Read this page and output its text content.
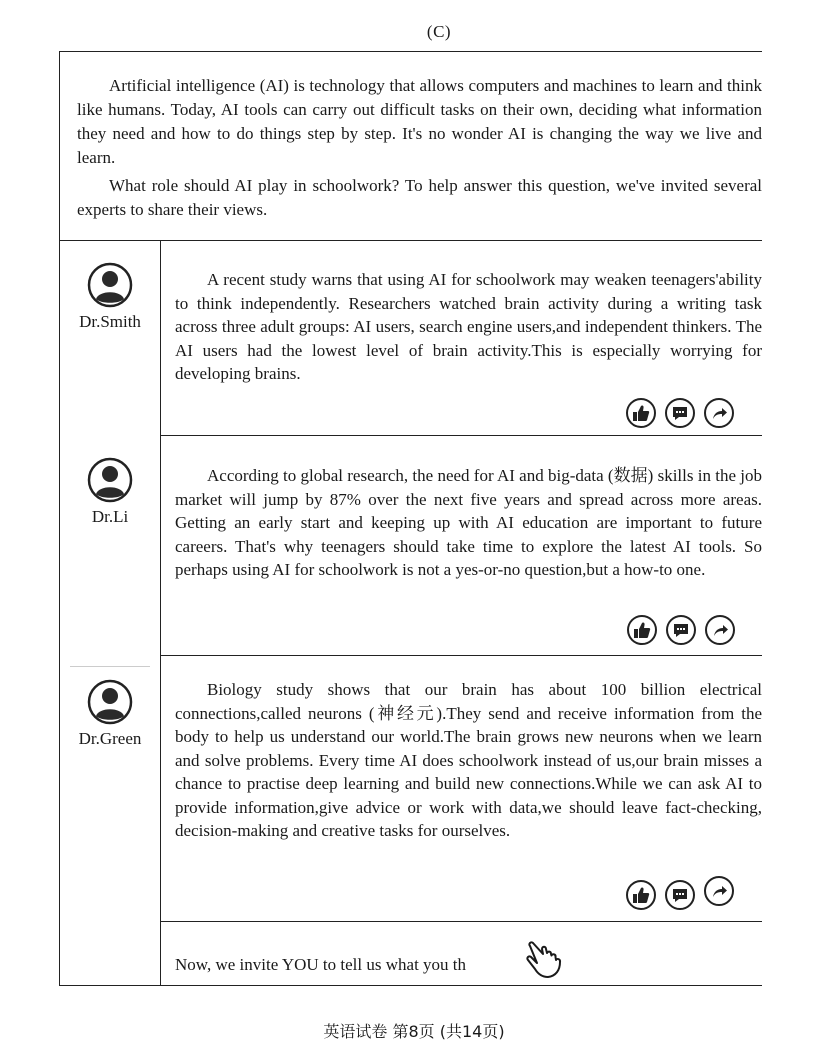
(C)

Artificial intelligence (AI) is technology that allows computers and machines to learn and think like humans. Today, AI tools can carry out difficult tasks on their own, deciding what information they need and how to do things step by step. It's no wonder AI is changing the way we live and learn.

What role should AI play in schoolwork? To help answer this question, we've invited several experts to share their views.

Dr.Smith
A recent study warns that using AI for schoolwork may weaken teenagers'ability to think independently. Researchers watched brain activity during a writing task across three adult groups: AI users, search engine users,and independent thinkers. The AI users had the lowest level of brain activity.This is especially worrying for developing brains.
Dr.Li
According to global research, the need for AI and big-data (数据) skills in the job market will jump by 87% over the next five years and spread across more areas. Getting an early start and keeping up with AI education are important to future careers. That's why teenagers should take time to explore the latest AI tools. So perhaps using AI for schoolwork is not a yes-or-no question,but a how-to one.
Dr.Green
Biology study shows that our brain has about 100 billion electrical connections,called neurons (神经元).They send and receive information from the body to help us understand our world.The brain grows new neurons when we learn and solve problems. Every time AI does schoolwork instead of us,our brain misses a chance to practise deep learning and build new connections.While we can ask AI to provide information,give advice or work with data,we should leave fact-checking, decision-making and creative tasks for ourselves.
Now, we invite YOU to tell us what you th
英语试卷 第8页 (共14页)
